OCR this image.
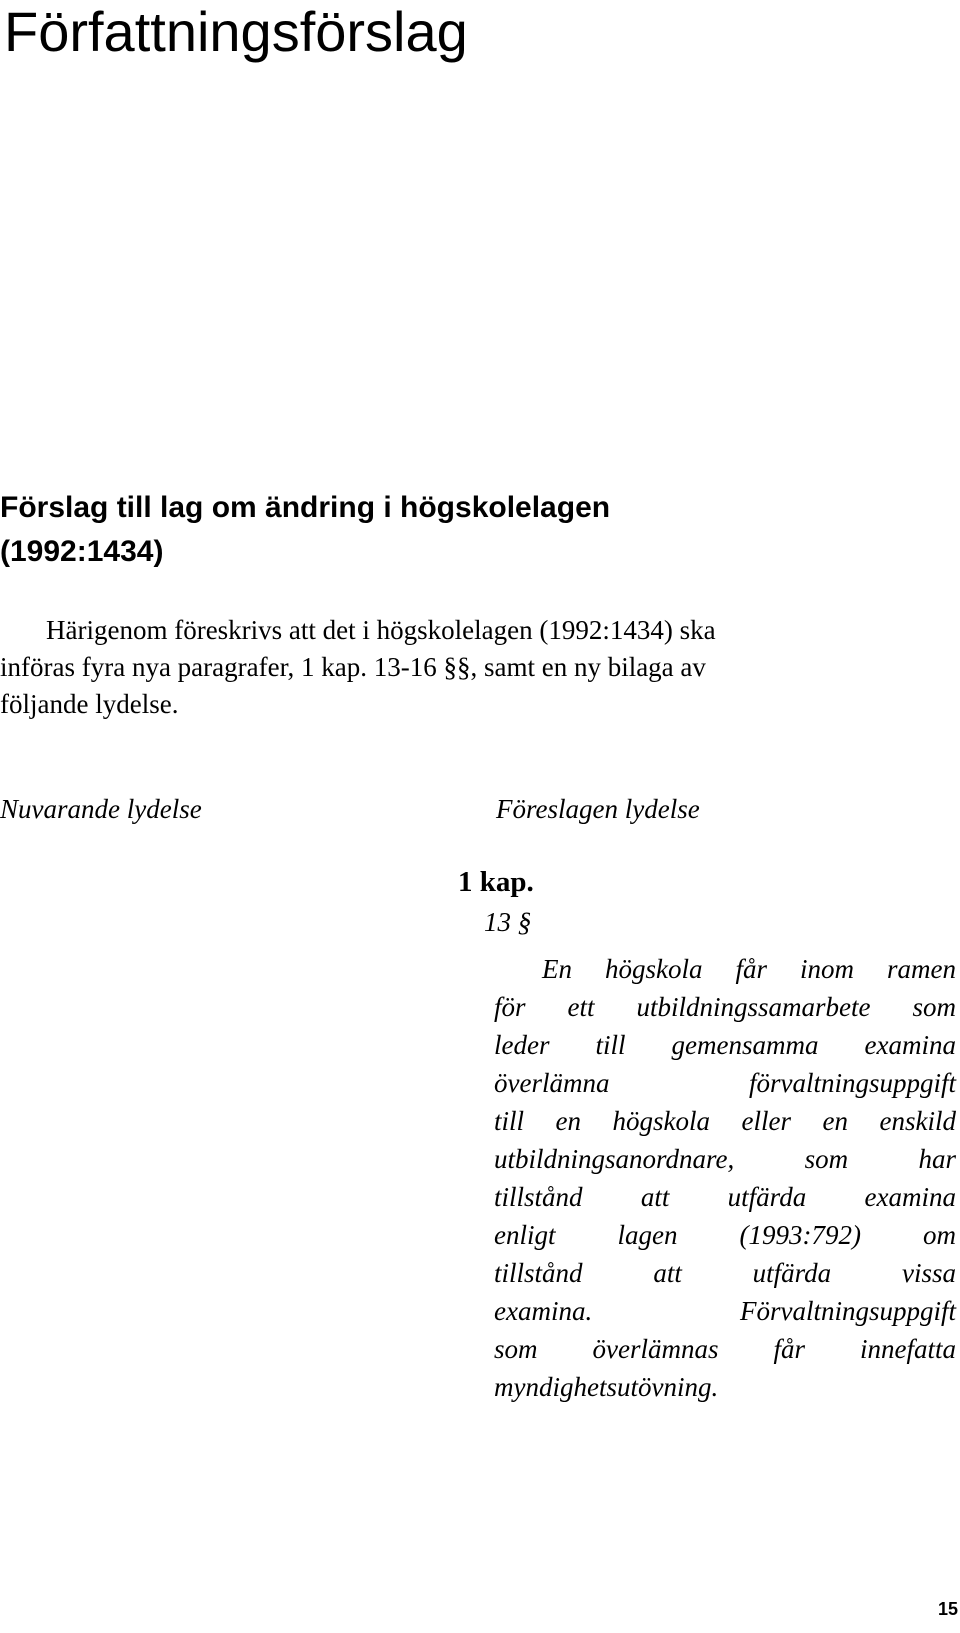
Författningsförslag
Förslag till lag om ändring i högskolelagen
(1992:1434)
Härigenom föreskrivs att det i högskolelagen (1992:1434) ska
införas fyra nya paragrafer, 1 kap. 13-16 §§, samt en ny bilaga av
följande lydelse.
Nuvarande lydelse	Föreslagen lydelse
1 kap.
13 §
En högskola får inom ramen
för ett utbildningssamarbete som
leder till gemensamma examina
överlämna förvaltningsuppgift
till en högskola eller en enskild
utbildningsanordnare, som har
tillstånd att utfärda examina
enligt lagen (1993:792) om
tillstånd att utfärda vissa
examina. Förvaltningsuppgift
som överlämnas får innefatta
myndighetsutövning.
15
